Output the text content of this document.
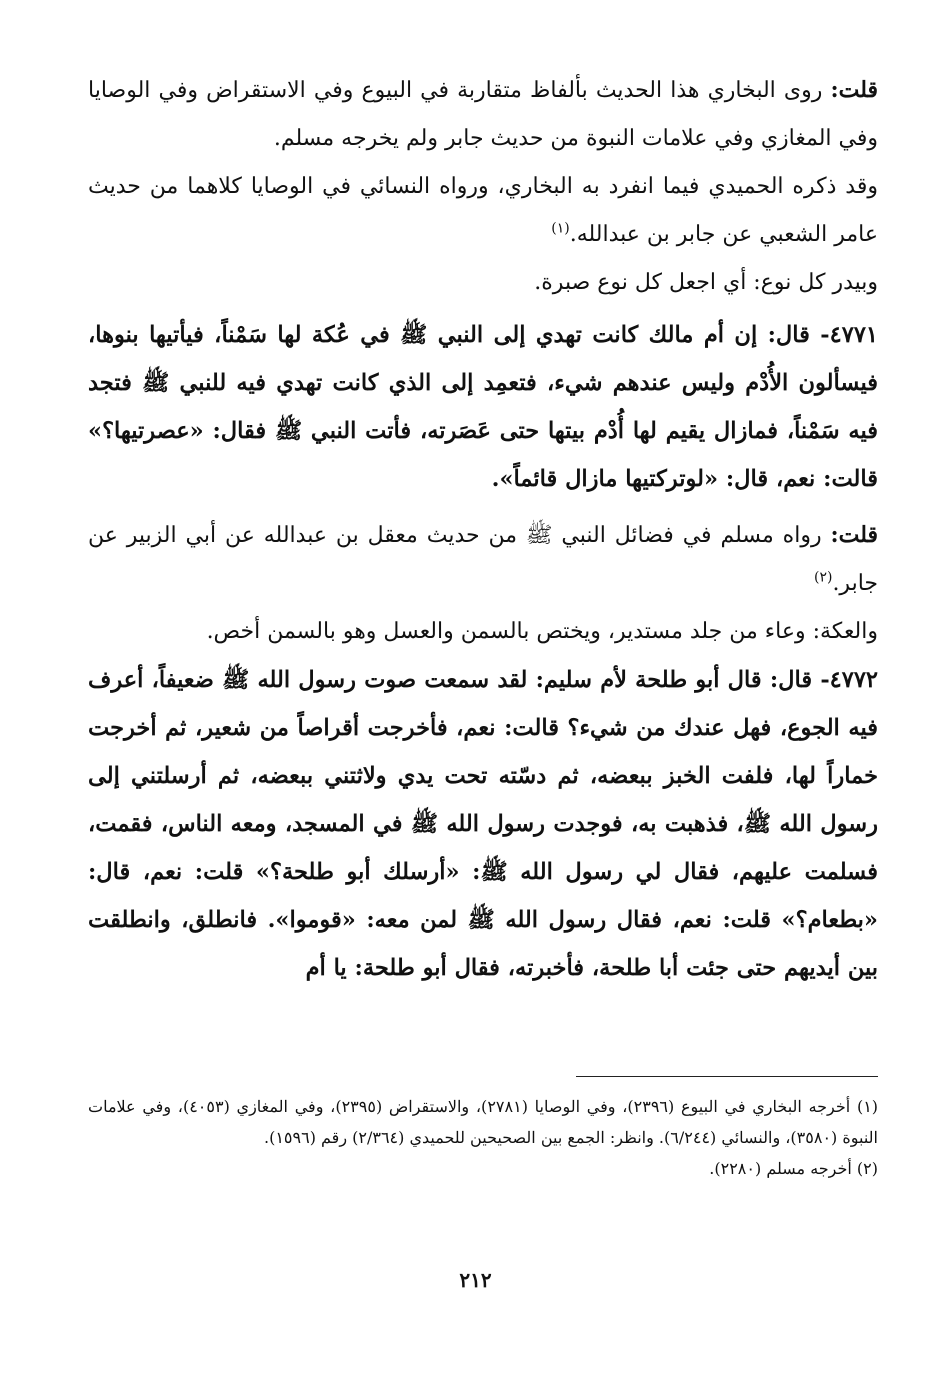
قلت: روى البخاري هذا الحديث بألفاظ متقاربة في البيوع وفي الاستقراض وفي الوصايا وفي المغازي وفي علامات النبوة من حديث جابر ولم يخرجه مسلم.

وقد ذكره الحميدي فيما انفرد به البخاري، ورواه النسائي في الوصايا كلاهما من حديث عامر الشعبي عن جابر بن عبدالله.$^{(١)}$

وبيدر كل نوع: أي اجعل كل نوع صبرة.

٤٧٧١- قال: إن أم مالك كانت تهدي إلى النبي ﷺ في عُكة لها سَمْناً، فيأتيها بنوها، فيسألون الأُدْم وليس عندهم شيء، فتعمِد إلى الذي كانت تهدي فيه للنبي ﷺ فتجد فيه سَمْناً، فمازال يقيم لها أُدْم بيتها حتى عَصَرته، فأتت النبي ﷺ فقال: «عصرتيها؟» قالت: نعم، قال: «لوتركتيها مازال قائماً».

قلت: رواه مسلم في فضائل النبي ﷺ من حديث معقل بن عبدالله عن أبي الزبير عن جابر.$^{(٢)}$

والعكة: وعاء من جلد مستدير، ويختص بالسمن والعسل وهو بالسمن أخص.

٤٧٧٢- قال: قال أبو طلحة لأم سليم: لقد سمعت صوت رسول الله ﷺ ضعيفاً، أعرف فيه الجوع، فهل عندك من شيء؟ قالت: نعم، فأخرجت أقراصاً من شعير، ثم أخرجت خماراً لها، فلفت الخبز ببعضه، ثم دسّته تحت يدي ولاثتني ببعضه، ثم أرسلتني إلى رسول الله ﷺ، فذهبت به، فوجدت رسول الله ﷺ في المسجد، ومعه الناس، فقمت، فسلمت عليهم، فقال لي رسول الله ﷺ: «أرسلك أبو طلحة؟» قلت: نعم، قال: «بطعام؟» قلت: نعم، فقال رسول الله ﷺ لمن معه: «قوموا». فانطلق، وانطلقت بين أيديهم حتى جئت أبا طلحة، فأخبرته، فقال أبو طلحة: يا أم

(١) أخرجه البخاري في البيوع (٢٣٩٦)، وفي الوصايا (٢٧٨١)، والاستقراض (٢٣٩٥)، وفي المغازي (٤٠٥٣)، وفي علامات النبوة (٣٥٨٠)، والنسائي (٦/٢٤٤). وانظر: الجمع بين الصحيحين للحميدي (٢/٣٦٤) رقم (١٥٩٦).

(٢) أخرجه مسلم (٢٢٨٠).

٢١٢
